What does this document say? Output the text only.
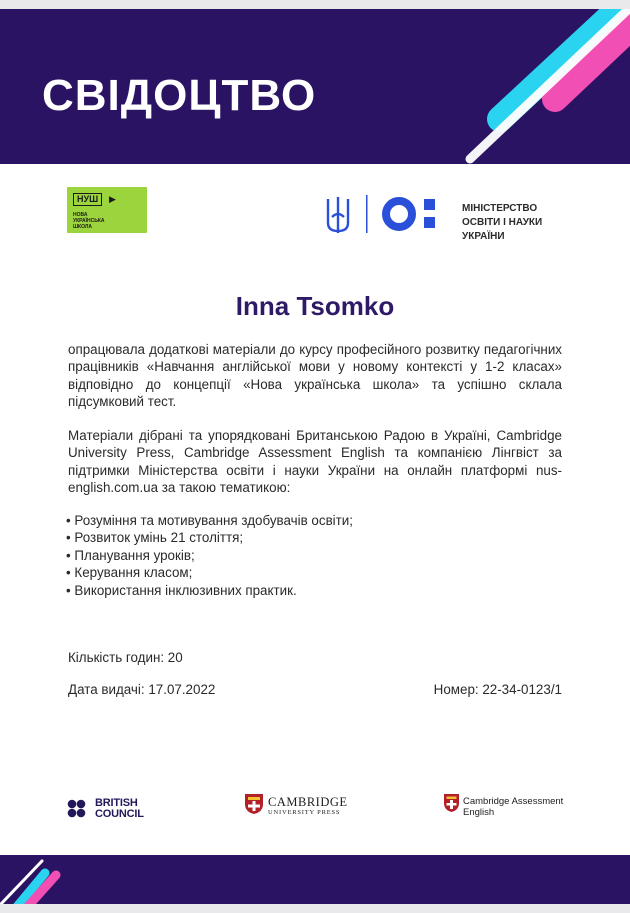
СВІДОЦТВО
НУШ	▶
НОВА
УКРАЇНСЬКА
ШКОЛА
МІНІСТЕРСТВО
ОСВІТИ І НАУКИ
УКРАЇНИ
Inna Tsomko

опрацювала додаткові матеріали до курсу професійного розвитку педагогічних працівників «Навчання англійської мови у новому контексті у 1-2 класах» відповідно до концепції «Нова українська школа» та успішно склала підсумковий тест.

Матеріали дібрані та упорядковані Британською Радою в Україні, Cambridge University Press, Cambridge Assessment English та компанією Лінгвіст за підтримки Міністерства освіти і науки України на онлайн платформі nus-english.com.ua за такою тематикою:

• Розуміння та мотивування здобувачів освіти;
• Розвиток умінь 21 століття;
• Планування уроків;
• Керування класом;
• Використання інклюзивних практик.
Кількість годин: 20
Дата видачі: 17.07.2022	Номер: 22-34-0123/1
BRITISH
COUNCIL
CAMBRIDGE
UNIVERSITY PRESS
Cambridge Assessment
English
